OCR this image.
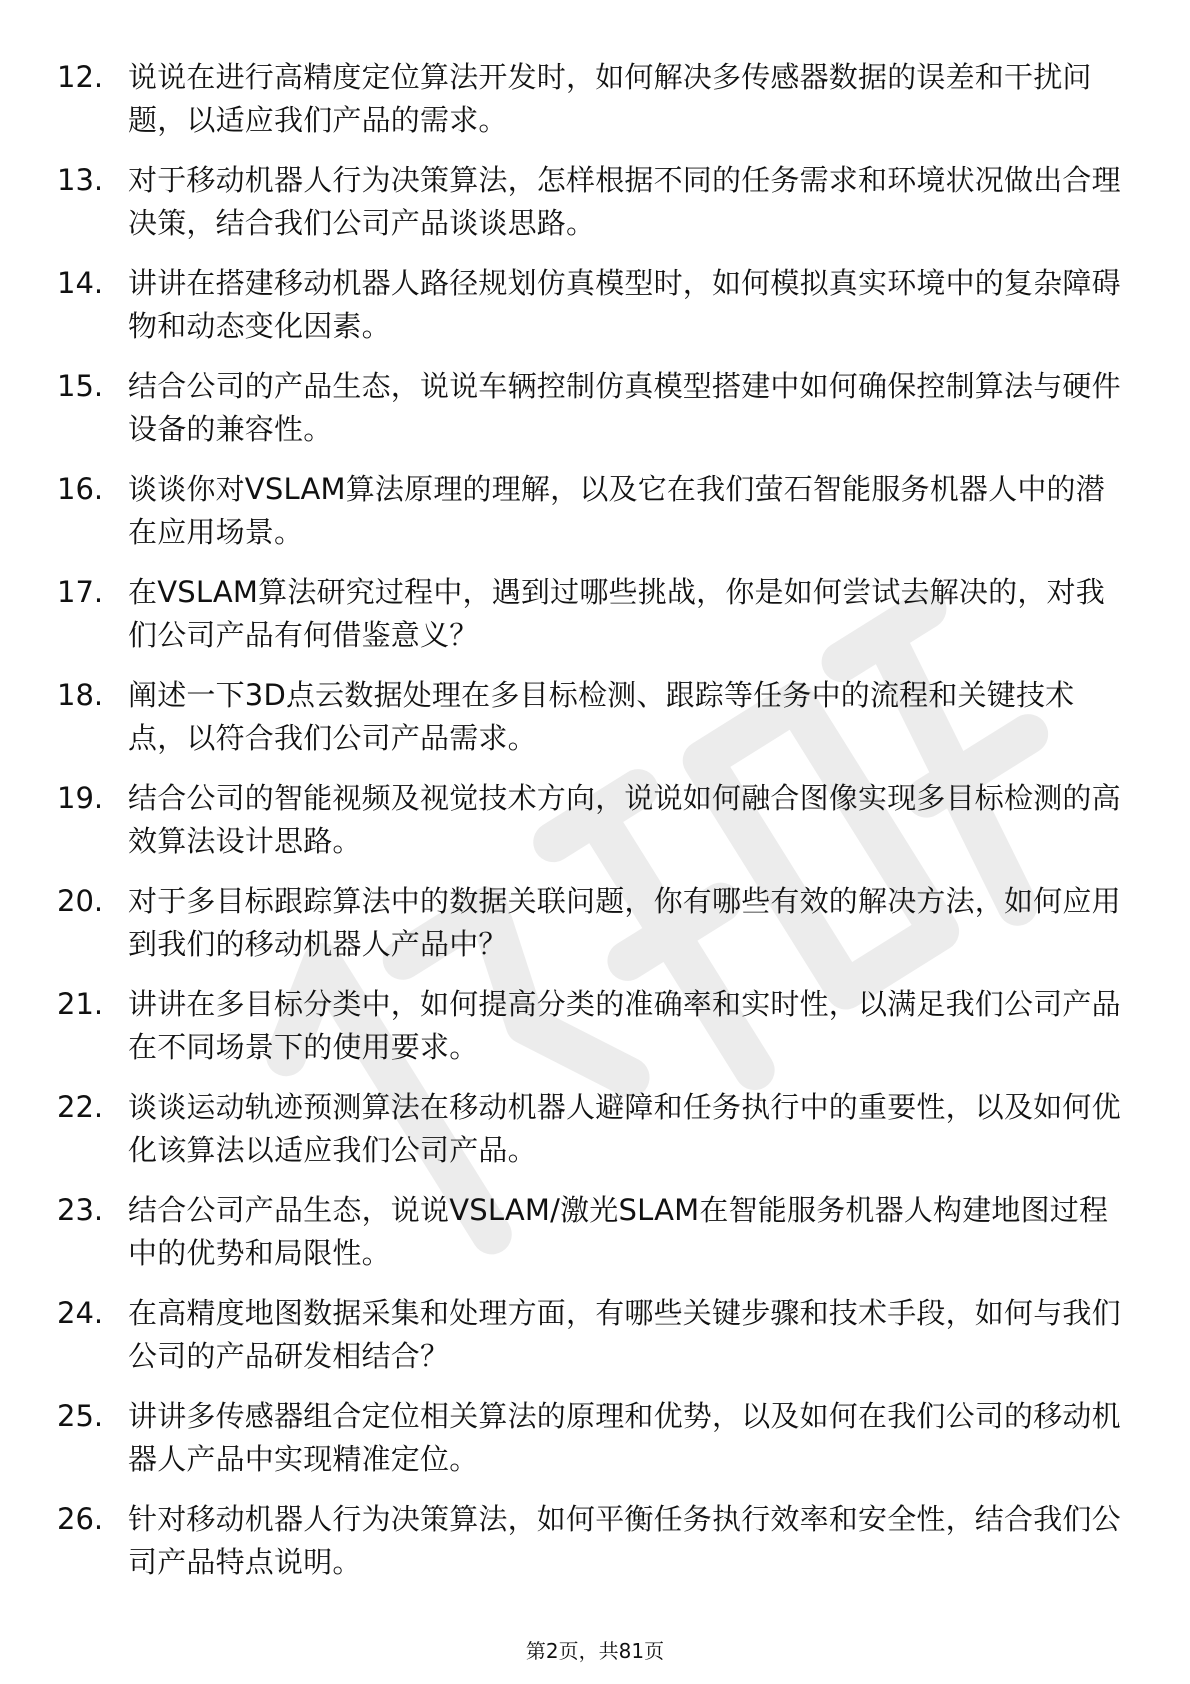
12. 说说在进行高精度定位算法开发时，如何解决多传感器数据的误差和干扰问题，以适应我们产品的需求。
13. 对于移动机器人行为决策算法，怎样根据不同的任务需求和环境状况做出合理决策，结合我们公司产品谈谈思路。
14. 讲讲在搭建移动机器人路径规划仿真模型时，如何模拟真实环境中的复杂障碍物和动态变化因素。
15. 结合公司的产品生态，说说车辆控制仿真模型搭建中如何确保控制算法与硬件设备的兼容性。
16. 谈谈你对VSLAM算法原理的理解，以及它在我们萤石智能服务机器人中的潜在应用场景。
17. 在VSLAM算法研究过程中，遇到过哪些挑战，你是如何尝试去解决的，对我们公司产品有何借鉴意义？
18. 阐述一下3D点云数据处理在多目标检测、跟踪等任务中的流程和关键技术点，以符合我们公司产品需求。
19. 结合公司的智能视频及视觉技术方向，说说如何融合图像实现多目标检测的高效算法设计思路。
20. 对于多目标跟踪算法中的数据关联问题，你有哪些有效的解决方法，如何应用到我们的移动机器人产品中？
21. 讲讲在多目标分类中，如何提高分类的准确率和实时性，以满足我们公司产品在不同场景下的使用要求。
22. 谈谈运动轨迹预测算法在移动机器人避障和任务执行中的重要性，以及如何优化该算法以适应我们公司产品。
23. 结合公司产品生态，说说VSLAM/激光SLAM在智能服务机器人构建地图过程中的优势和局限性。
24. 在高精度地图数据采集和处理方面，有哪些关键步骤和技术手段，如何与我们公司的产品研发相结合？
25. 讲讲多传感器组合定位相关算法的原理和优势，以及如何在我们公司的移动机器人产品中实现精准定位。
26. 针对移动机器人行为决策算法，如何平衡任务执行效率和安全性，结合我们公司产品特点说明。
第2页，共81页
